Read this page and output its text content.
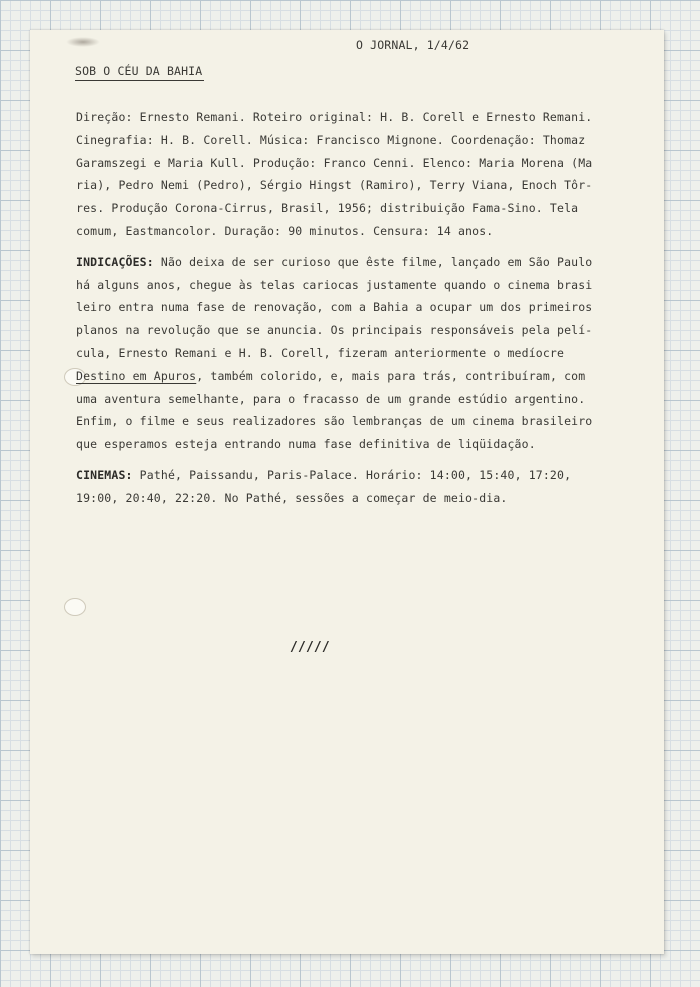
O JORNAL, 1/4/62
SOB O CÉU DA BAHIA
Direção: Ernesto Remani. Roteiro original: H. B. Corell e Ernesto Remani.
Cinegrafia: H. B. Corell. Música: Francisco Mignone. Coordenação: Thomaz
Garamszegi e Maria Kull. Produção: Franco Cenni. Elenco: Maria Morena (Ma
ria), Pedro Nemi (Pedro), Sérgio Hingst (Ramiro), Terry Viana, Enoch Tôr-
res. Produção Corona-Cirrus, Brasil, 1956; distribuição Fama-Sino. Tela
comum, Eastmancolor. Duração: 90 minutos. Censura: 14 anos.
INDICAÇÕES: Não deixa de ser curioso que êste filme, lançado em São Paulo
há alguns anos, chegue às telas cariocas justamente quando o cinema brasi
leiro entra numa fase de renovação, com a Bahia a ocupar um dos primeiros
planos na revolução que se anuncia. Os principais responsáveis pela pelí-
cula, Ernesto Remani e H. B. Corell, fizeram anteriormente o medíocre
Destino em Apuros, também colorido, e, mais para trás, contribuíram, com
uma aventura semelhante, para o fracasso de um grande estúdio argentino.
Enfim, o filme e seus realizadores são lembranças de um cinema brasileiro
que esperamos esteja entrando numa fase definitiva de liqüidação.
CINEMAS: Pathé, Paissandu, Paris-Palace. Horário: 14:00, 15:40, 17:20,
19:00, 20:40, 22:20. No Pathé, sessões a começar de meio-dia.
/////
